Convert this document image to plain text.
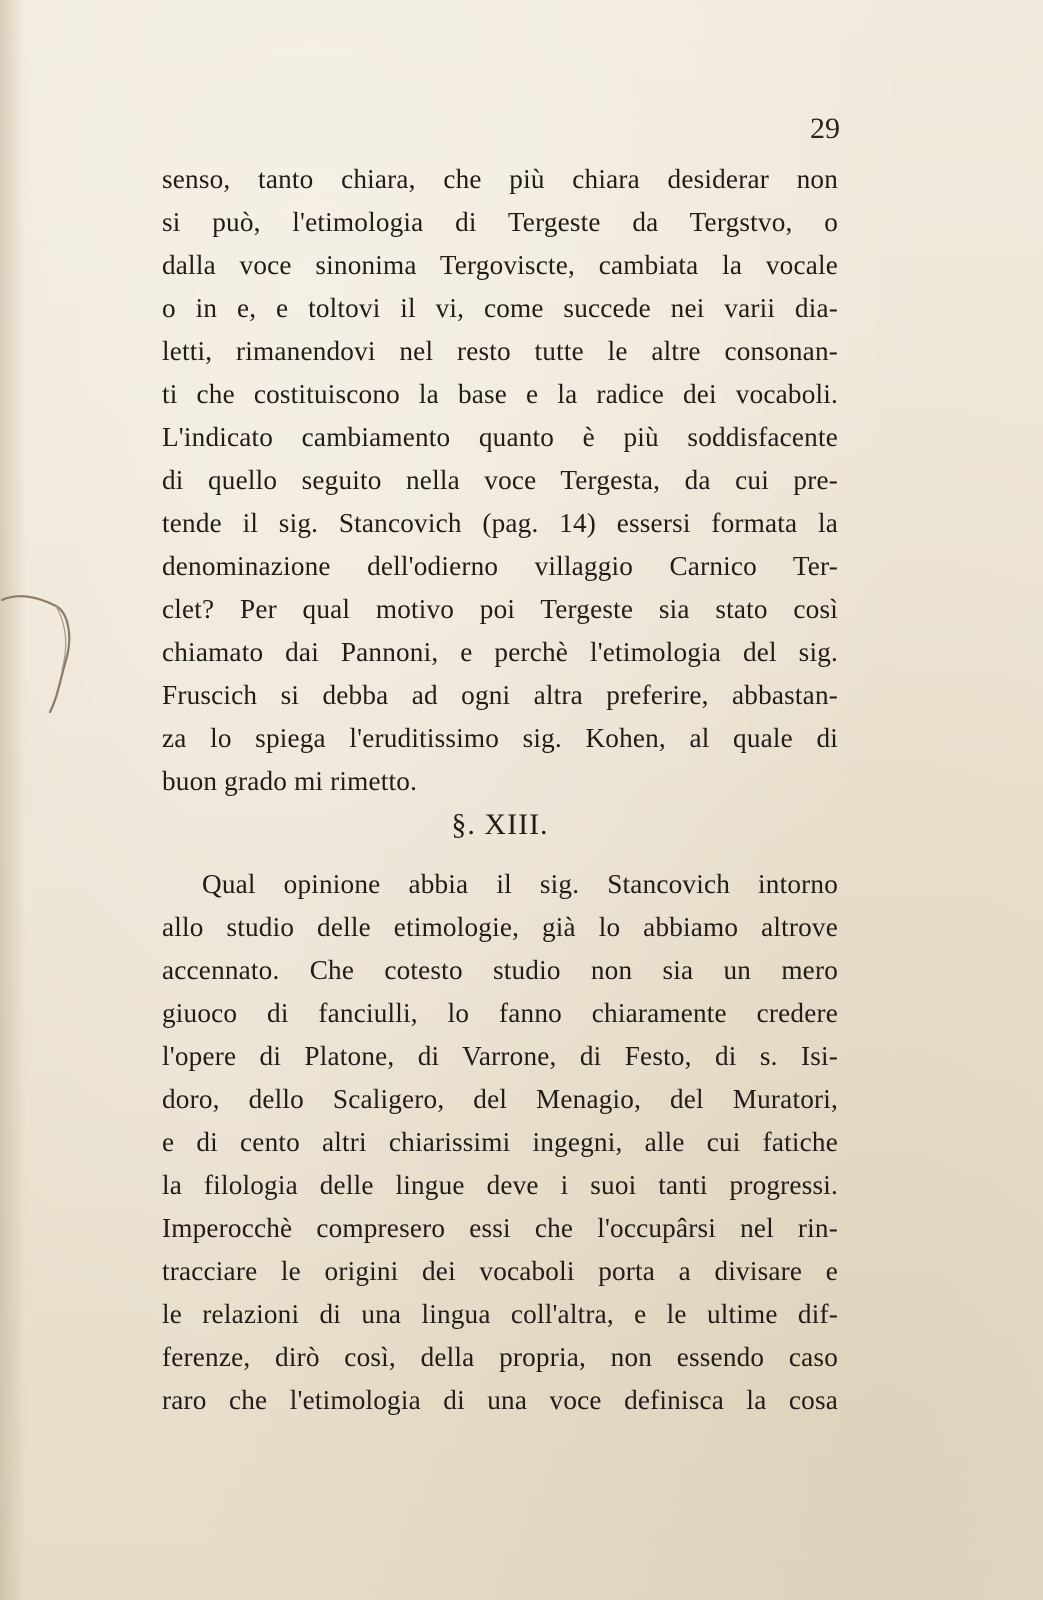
29
senso, tanto chiara, che più chiara desiderar non
si può, l'etimologia di Tergeste da Tergstvo, o
dalla voce sinonima Tergoviscte, cambiata la vocale
o in e, e toltovi il vi, come succede nei varii dia-
letti, rimanendovi nel resto tutte le altre consonan-
ti che costituiscono la base e la radice dei vocaboli.
L'indicato cambiamento quanto è più soddisfacente
di quello seguito nella voce Tergesta, da cui pre-
tende il sig. Stancovich (pag. 14) essersi formata la
denominazione dell'odierno villaggio Carnico Ter-
clet? Per qual motivo poi Tergeste sia stato così
chiamato dai Pannoni, e perchè l'etimologia del sig.
Fruscich si debba ad ogni altra preferire, abbastan-
za lo spiega l'eruditissimo sig. Kohen, al quale di
buon grado mi rimetto.
§. XIII.
Qual opinione abbia il sig. Stancovich intorno
allo studio delle etimologie, già lo abbiamo altrove
accennato. Che cotesto studio non sia un mero
giuoco di fanciulli, lo fanno chiaramente credere
l'opere di Platone, di Varrone, di Festo, di s. Isi-
doro, dello Scaligero, del Menagio, del Muratori,
e di cento altri chiarissimi ingegni, alle cui fatiche
la filologia delle lingue deve i suoi tanti progressi.
Imperocchè compresero essi che l'occupârsi nel rin-
tracciare le origini dei vocaboli porta a divisare e
le relazioni di una lingua coll'altra, e le ultime dif-
ferenze, dirò così, della propria, non essendo caso
raro che l'etimologia di una voce definisca la cosa
